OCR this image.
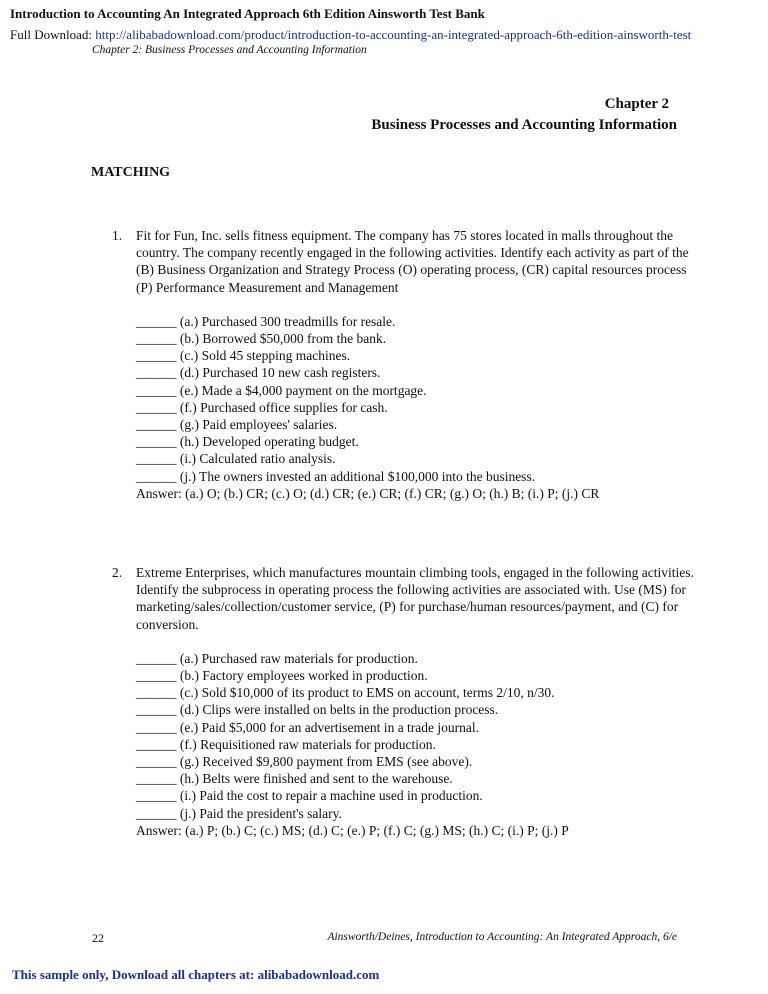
Introduction to Accounting An Integrated Approach 6th Edition Ainsworth Test Bank
Full Download: http://alibabadownload.com/product/introduction-to-accounting-an-integrated-approach-6th-edition-ainsworth-test
Chapter 2: Business Processes and Accounting Information
Chapter 2
Business Processes and Accounting Information
MATCHING
1. Fit for Fun, Inc. sells fitness equipment. The company has 75 stores located in malls throughout the country. The company recently engaged in the following activities. Identify each activity as part of the (B) Business Organization and Strategy Process (O) operating process, (CR) capital resources process (P) Performance Measurement and Management

______ (a.) Purchased 300 treadmills for resale.

______ (b.) Borrowed $50,000 from the bank.

______ (c.) Sold 45 stepping machines.

______ (d.) Purchased 10 new cash registers.

______ (e.) Made a $4,000 payment on the mortgage.

______ (f.) Purchased office supplies for cash.

______ (g.) Paid employees' salaries.

______ (h.) Developed operating budget.

______ (i.) Calculated ratio analysis.

______ (j.) The owners invested an additional $100,000 into the business.

Answer: (a.) O; (b.) CR; (c.) O; (d.) CR; (e.) CR; (f.) CR; (g.) O; (h.) B; (i.) P; (j.) CR

2. Extreme Enterprises, which manufactures mountain climbing tools, engaged in the following activities. Identify the subprocess in operating process the following activities are associated with. Use (MS) for marketing/sales/collection/customer service, (P) for purchase/human resources/payment, and (C) for conversion.

______ (a.) Purchased raw materials for production.

______ (b.) Factory employees worked in production.

______ (c.) Sold $10,000 of its product to EMS on account, terms 2/10, n/30.

______ (d.) Clips were installed on belts in the production process.

______ (e.) Paid $5,000 for an advertisement in a trade journal.

______ (f.) Requisitioned raw materials for production.

______ (g.) Received $9,800 payment from EMS (see above).

______ (h.) Belts were finished and sent to the warehouse.

______ (i.) Paid the cost to repair a machine used in production.

______ (j.) Paid the president's salary.

Answer: (a.) P; (b.) C; (c.) MS; (d.) C; (e.) P; (f.) C; (g.) MS; (h.) C; (i.) P; (j.) P

22	Ainsworth/Deines, Introduction to Accounting: An Integrated Approach, 6/e
This sample only, Download all chapters at: alibabadownload.com
